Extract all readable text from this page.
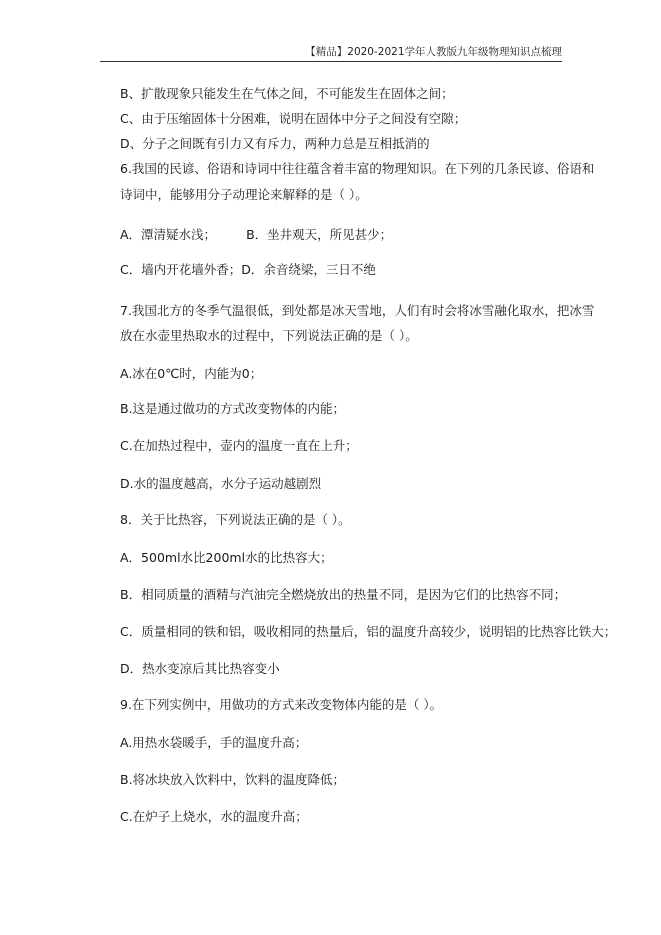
【精品】2020-2021学年人教版九年级物理知识点梳理
B、扩散现象只能发生在气体之间，不可能发生在固体之间；
C、由于压缩固体十分困难，说明在固体中分子之间没有空隙；
D、分子之间既有引力又有斥力，两种力总是互相抵消的
6.我国的民谚、俗语和诗词中往往蕴含着丰富的物理知识。在下列的几条民谚、俗语和
诗词中，能够用分子动理论来解释的是（ ）。
A．潭清疑水浅； B．坐井观天，所见甚少；
C．墙内开花墙外香；D．余音绕梁，三日不绝
7.我国北方的冬季气温很低，到处都是冰天雪地，人们有时会将冰雪融化取水，把冰雪
放在水壶里热取水的过程中，下列说法正确的是（ ）。
A.冰在0℃时，内能为0；
B.这是通过做功的方式改变物体的内能；
C.在加热过程中，壶内的温度一直在上升；
D.水的温度越高，水分子运动越剧烈
8．关于比热容，下列说法正确的是（ ）。
A．500ml水比200ml水的比热容大；
B．相同质量的酒精与汽油完全燃烧放出的热量不同，是因为它们的比热容不同；
C．质量相同的铁和铝，吸收相同的热量后，铝的温度升高较少，说明铝的比热容比铁大；
D．热水变凉后其比热容变小
9.在下列实例中，用做功的方式来改变物体内能的是（ ）。
A.用热水袋暖手，手的温度升高；
B.将冰块放入饮料中，饮料的温度降低；
C.在炉子上烧水，水的温度升高；
